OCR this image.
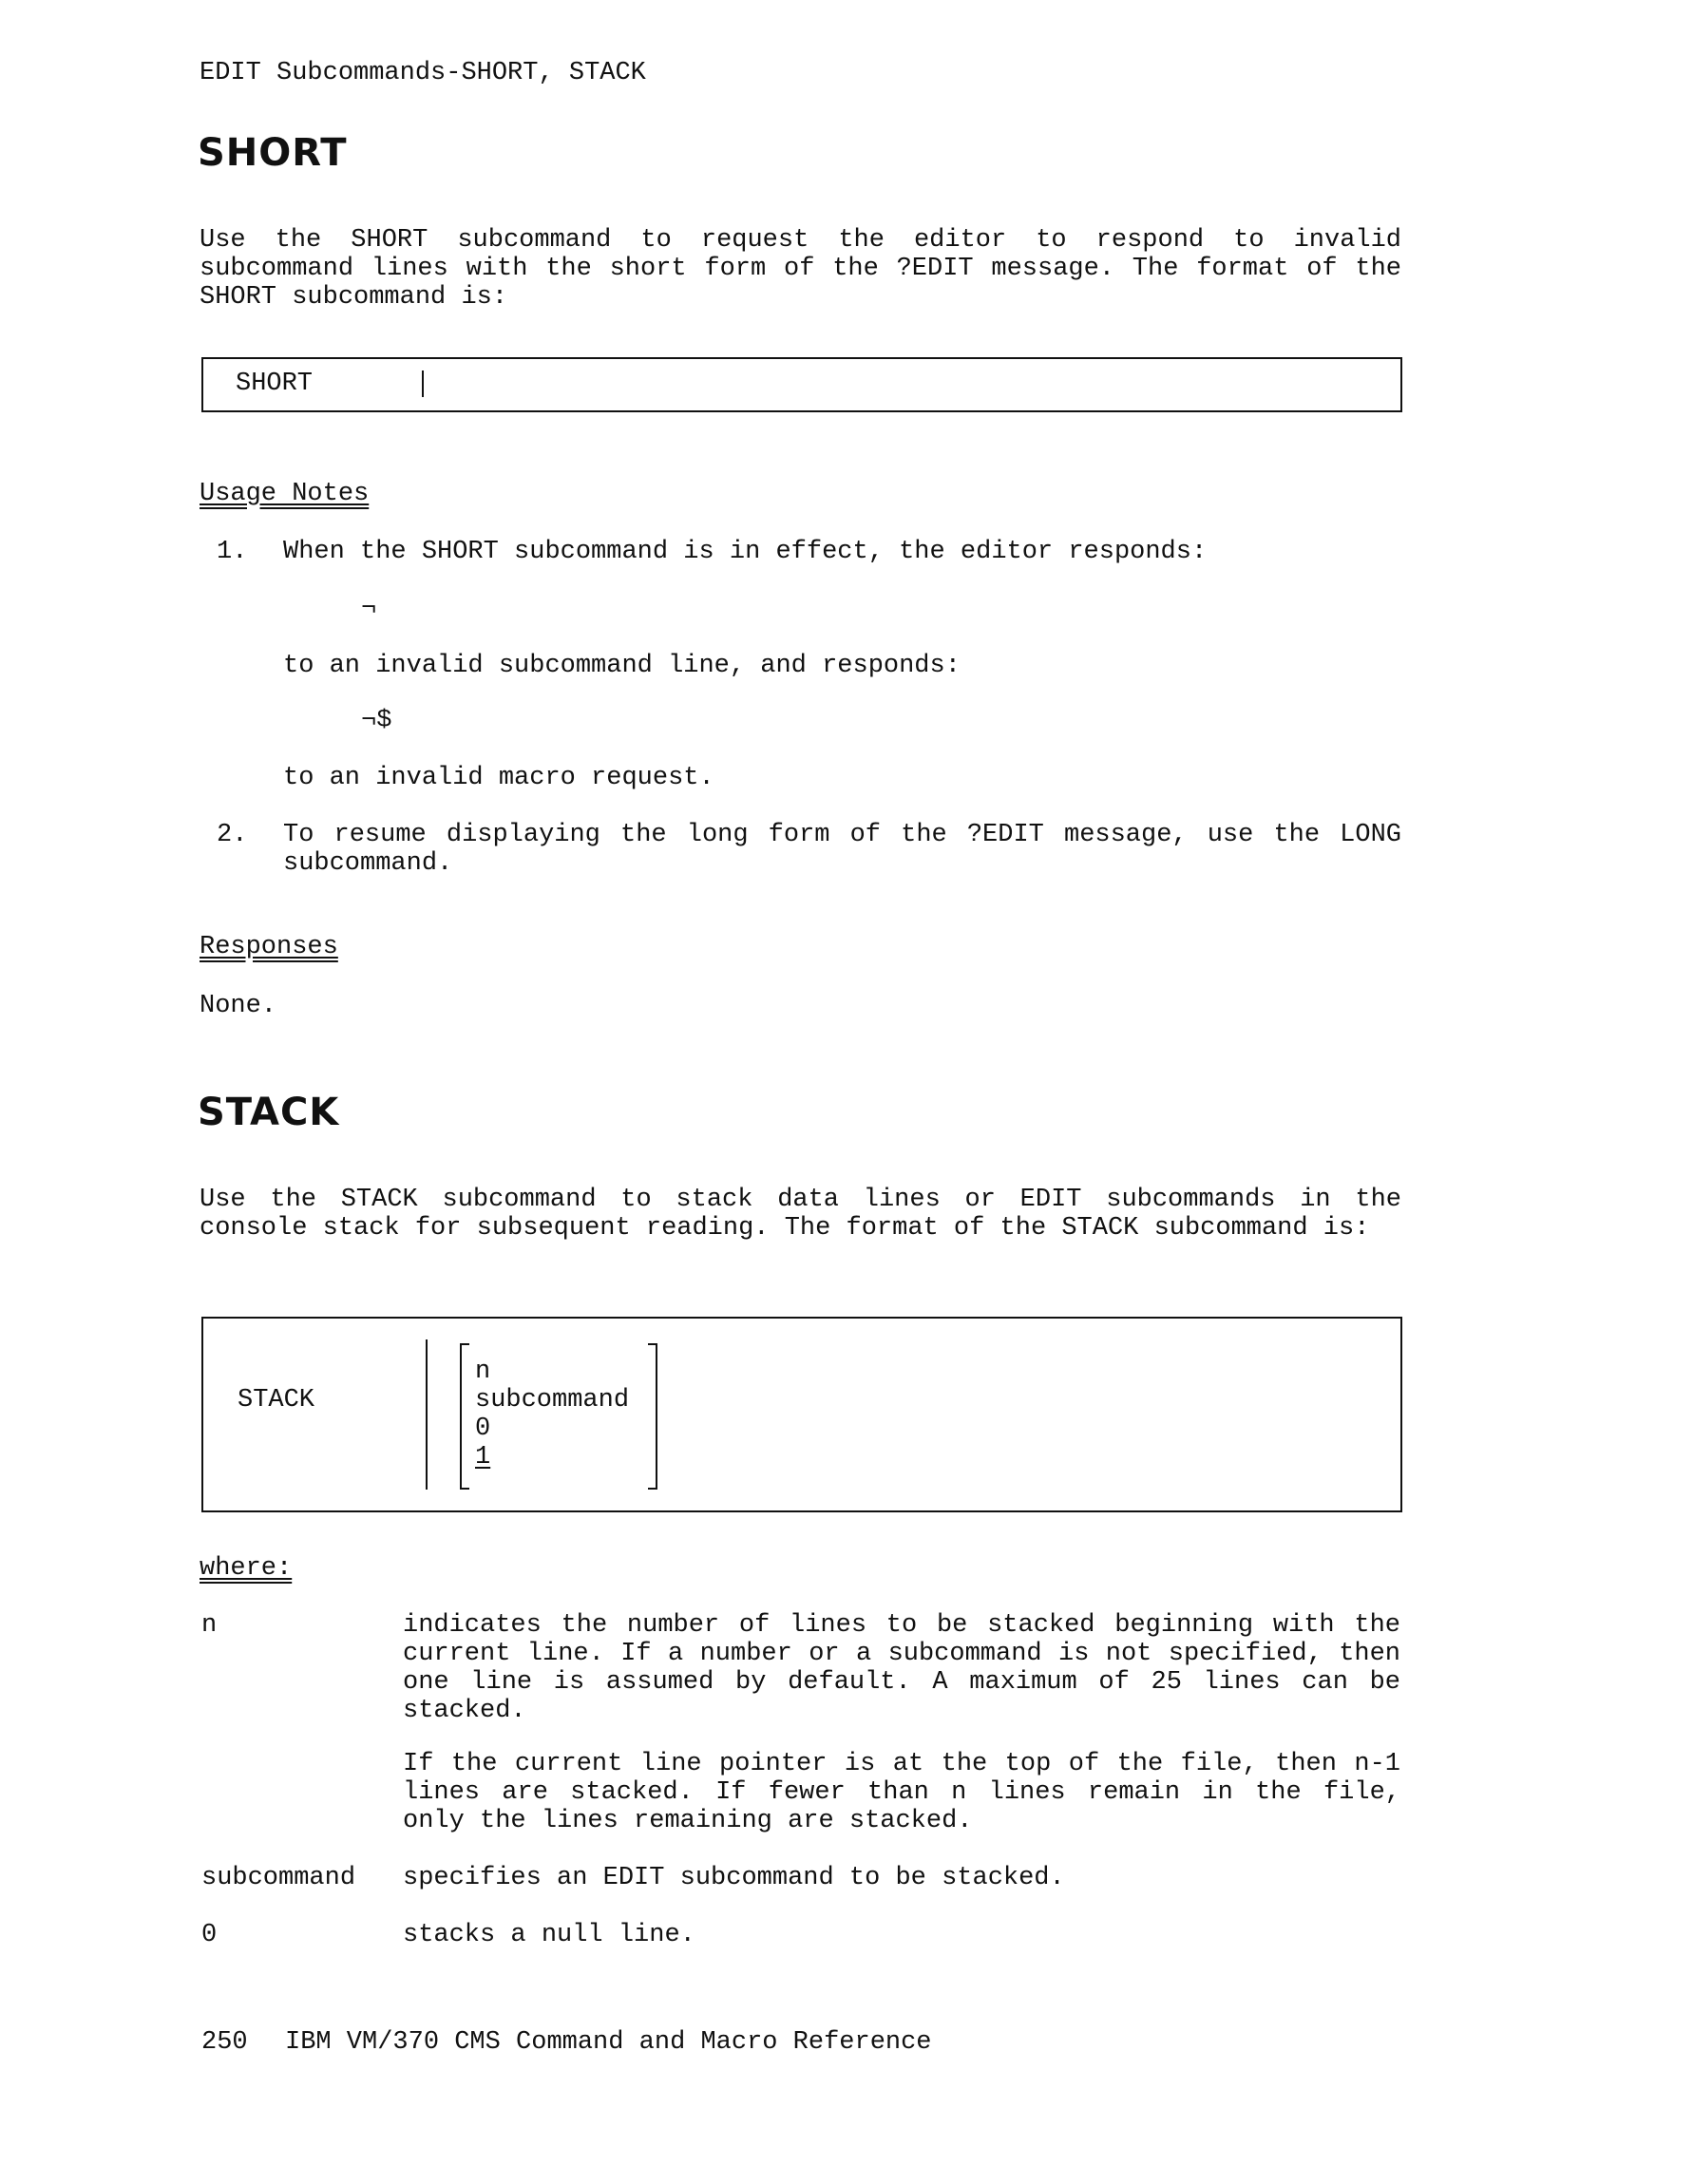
EDIT Subcommands-SHORT, STACK
SHORT
Use the SHORT subcommand to request the editor to respond to invalid subcommand lines with the short form of the ?EDIT message. The format of the SHORT subcommand is:
SHORT
Usage Notes
1. When the SHORT subcommand is in effect, the editor responds:
¬
to an invalid subcommand line, and responds:
¬$
to an invalid macro request.
2. To resume displaying the long form of the ?EDIT message, use the LONG subcommand.
Responses
None.
STACK
Use the STACK subcommand to stack data lines or EDIT subcommands in the console stack for subsequent reading. The format of the STACK subcommand is:
STACK
n
subcommand
0
1
where:
n	indicates the number of lines to be stacked beginning with the current line. If a number or a subcommand is not specified, then one line is assumed by default. A maximum of 25 lines can be stacked.
If the current line pointer is at the top of the file, then n-1 lines are stacked. If fewer than n lines remain in the file, only the lines remaining are stacked.
subcommand specifies an EDIT subcommand to be stacked.
0	stacks a null line.
250 IBM VM/370 CMS Command and Macro Reference
